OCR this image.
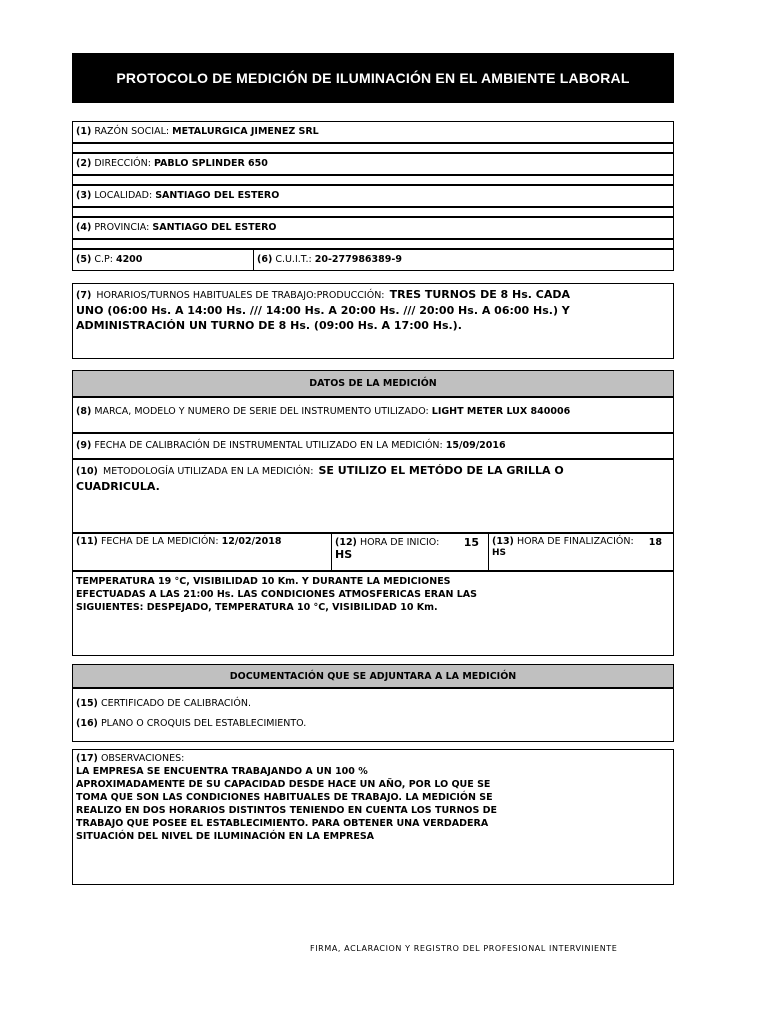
PROTOCOLO DE MEDICIÓN DE ILUMINACIÓN EN EL AMBIENTE LABORAL
(1) RAZÓN SOCIAL: METALURGICA JIMENEZ SRL
(2) DIRECCIÓN: PABLO SPLINDER 650
(3) LOCALIDAD: SANTIAGO DEL ESTERO
(4) PROVINCIA: SANTIAGO DEL ESTERO
(5) C.P: 4200	(6) C.U.I.T.: 20-277986389-9
(7) HORARIOS/TURNOS HABITUALES DE TRABAJO:PRODUCCIÓN: TRES TURNOS DE 8 Hs. CADA
UNO (06:00 Hs. A 14:00 Hs. /// 14:00 Hs. A 20:00 Hs. /// 20:00 Hs. A 06:00 Hs.) Y
ADMINISTRACIÓN UN TURNO DE 8 Hs. (09:00 Hs. A 17:00 Hs.).
DATOS DE LA MEDICIÓN
(8) MARCA, MODELO Y NUMERO DE SERIE DEL INSTRUMENTO UTILIZADO: LIGHT METER LUX 840006
(9) FECHA DE CALIBRACIÓN DE INSTRUMENTAL UTILIZADO EN LA MEDICIÓN: 15/09/2016
(10) METODOLOGÍA UTILIZADA EN LA MEDICIÓN: SE UTILIZO EL METÓDO DE LA GRILLA O
CUADRICULA.
(11) FECHA DE LA MEDICIÓN: 12/02/2018	(12) HORA DE INICIO: 15
HS
(13) HORA DE FINALIZACIÓN: 18
HS
TEMPERATURA 19 °C, VISIBILIDAD 10 Km. Y DURANTE LA MEDICIONES
EFECTUADAS A LAS 21:00 Hs. LAS CONDICIONES ATMOSFERICAS ERAN LAS
SIGUIENTES: DESPEJADO, TEMPERATURA 10 °C, VISIBILIDAD 10 Km.
DOCUMENTACIÓN QUE SE ADJUNTARA A LA MEDICIÓN
(15) CERTIFICADO DE CALIBRACIÓN.
(16) PLANO O CROQUIS DEL ESTABLECIMIENTO.
(17) OBSERVACIONES:
LA EMPRESA SE ENCUENTRA TRABAJANDO A UN 100 %
APROXIMADAMENTE DE SU CAPACIDAD DESDE HACE UN AÑO, POR LO QUE SE
TOMA QUE SON LAS CONDICIONES HABITUALES DE TRABAJO. LA MEDICIÓN SE
REALIZO EN DOS HORARIOS DISTINTOS TENIENDO EN CUENTA LOS TURNOS DE
TRABAJO QUE POSEE EL ESTABLECIMIENTO. PARA OBTENER UNA VERDADERA
SITUACIÓN DEL NIVEL DE ILUMINACIÓN EN LA EMPRESA
FIRMA, ACLARACION Y REGISTRO DEL PROFESIONAL INTERVINIENTE
